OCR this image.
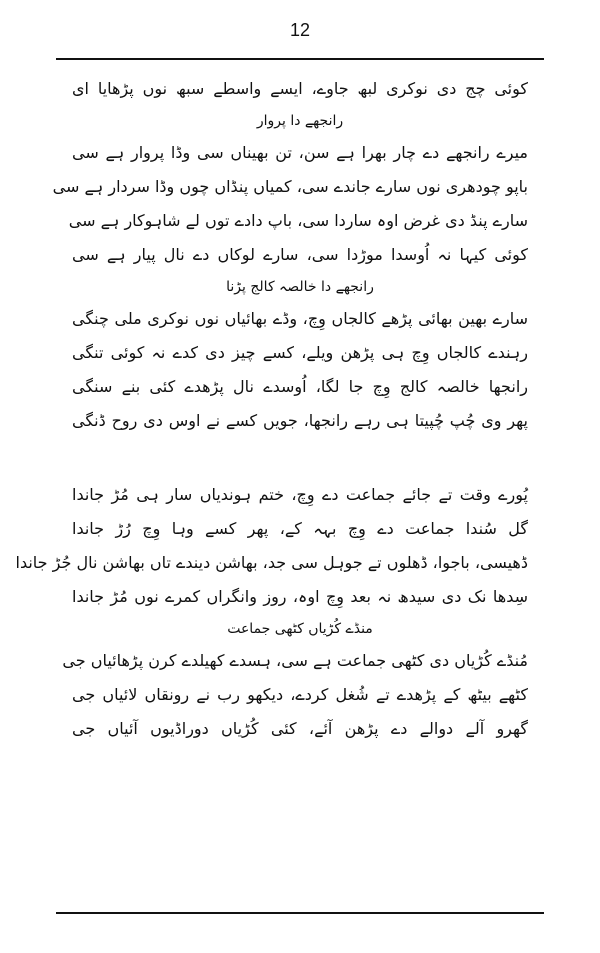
12
کوئی چج دی نوکری لبھ جاوے، ایسے واسطے سبھ نوں پڑھایا ای
رانجھے دا پروار
میرے رانجھے دے چار بھرا ہے سن، تن بھیناں سی وڈا پروار ہے سی
باپو چودھری نوں سارے جاندے سی، کمیاں پنڈاں چوں وڈا سردار ہے سی
سارے پنڈ دی غرض اوہ ساردا سی، باپ دادے توں لے شاہوکار ہے سی
کوئی کیہا نہ اُوسدا موڑدا سی، سارے لوکاں دے نال پیار ہے سی
رانجھے دا خالصہ کالج پڑنا
سارے بھین بھائی پڑھے کالجاں وِچ، وڈے بھائیاں نوں نوکری ملی چنگی
رہندے کالجاں وِچ ہی پڑھن ویلے، کسے چیز دی کدے نہ کوئی تنگی
رانجھا خالصہ کالج وِچ جا لگا، اُوسدے نال پڑھدے کئی بنے سنگی
پھر وی چُپ چُپیتا ہی رہے رانجھا، جویں کسے نے اوس دی روح ڈنگی
پُورے وقت تے جائے جماعت دے وِچ، ختم ہوندیاں سار ہی مُڑ جاندا
گل سُندا جماعت دے وِچ بہہ کے، پھر کسے وہا وِچ رُڑ جاندا
ڈھیسی، باجوا، ڈھلوں تے جوہل سی جد، بھاشن دیندے تاں بھاشن نال جُڑ جاندا
سِدھا نک دی سیدھ نہ بعد وِچ اوہ، روز وانگراں کمرے نوں مُڑ جاندا
منڈے کُڑیاں کٹھی جماعت
مُنڈے کُڑیاں دی کٹھی جماعت ہے سی، ہسدے کھیلدے کرن پڑھائیاں جی
کٹھے بیٹھ کے پڑھدے تے شُغل کردے، دیکھو رب نے رونقاں لائیاں جی
گھرو آلے دوالے دے پڑھن آئے، کئی کُڑیاں دوراڈیوں آئیاں جی
